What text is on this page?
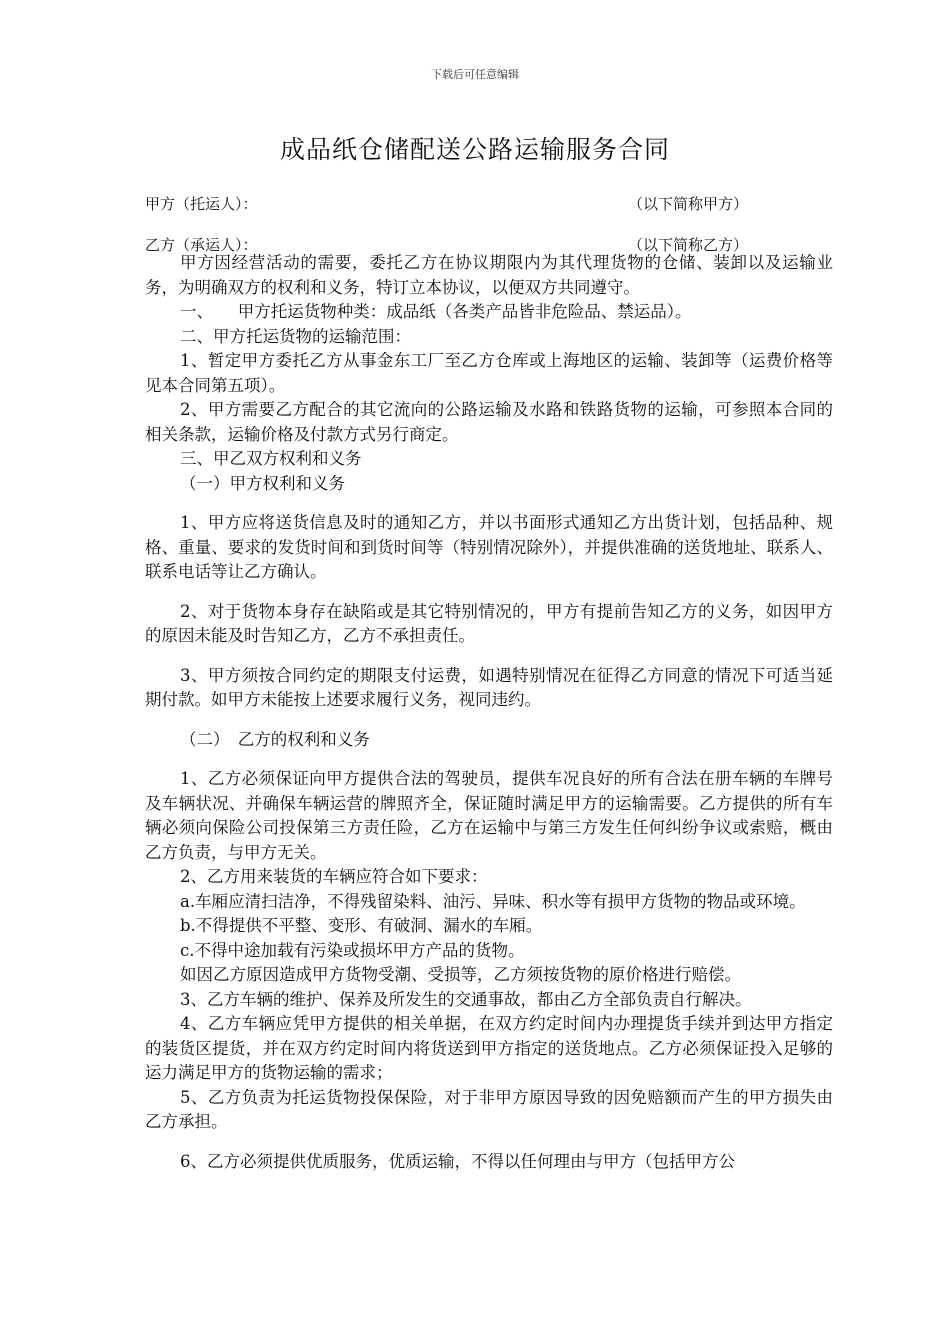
下载后可任意编辑
成品纸仓储配送公路运输服务合同
甲方（托运人）：	（以下简称甲方）
乙方（承运人）：	（以下简称乙方）

甲方因经营活动的需要，委托乙方在协议期限内为其代理货物的仓储、装卸以及运输业务，为明确双方的权利和义务，特订立本协议，以便双方共同遵守。

一、　　甲方托运货物种类：成品纸（各类产品皆非危险品、禁运品）。

二、甲方托运货物的运输范围：

1、暂定甲方委托乙方从事金东工厂至乙方仓库或上海地区的运输、装卸等（运费价格等见本合同第五项）。

2、甲方需要乙方配合的其它流向的公路运输及水路和铁路货物的运输，可参照本合同的相关条款，运输价格及付款方式另行商定。

三、甲乙双方权利和义务

（一）甲方权利和义务

1、甲方应将送货信息及时的通知乙方，并以书面形式通知乙方出货计划，包括品种、规格、重量、要求的发货时间和到货时间等（特别情况除外），并提供准确的送货地址、联系人、联系电话等让乙方确认。

2、对于货物本身存在缺陷或是其它特别情况的，甲方有提前告知乙方的义务，如因甲方的原因未能及时告知乙方，乙方不承担责任。

3、甲方须按合同约定的期限支付运费，如遇特别情况在征得乙方同意的情况下可适当延期付款。如甲方未能按上述要求履行义务，视同违约。

（二）　乙方的权利和义务

1、乙方必须保证向甲方提供合法的驾驶员，提供车况良好的所有合法在册车辆的车牌号及车辆状况、并确保车辆运营的牌照齐全，保证随时满足甲方的运输需要。乙方提供的所有车辆必须向保险公司投保第三方责任险，乙方在运输中与第三方发生任何纠纷争议或索赔，概由乙方负责，与甲方无关。

2、乙方用来装货的车辆应符合如下要求：

a.车厢应清扫洁净，不得残留染料、油污、异味、积水等有损甲方货物的物品或环境。

b.不得提供不平整、变形、有破洞、漏水的车厢。

c.不得中途加载有污染或损坏甲方产品的货物。

如因乙方原因造成甲方货物受潮、受损等，乙方须按货物的原价格进行赔偿。

3、乙方车辆的维护、保养及所发生的交通事故，都由乙方全部负责自行解决。

4、乙方车辆应凭甲方提供的相关单据，在双方约定时间内办理提货手续并到达甲方指定的装货区提货，并在双方约定时间内将货送到甲方指定的送货地点。乙方必须保证投入足够的运力满足甲方的货物运输的需求；

5、乙方负责为托运货物投保保险，对于非甲方原因导致的因免赔额而产生的甲方损失由乙方承担。

6、乙方必须提供优质服务，优质运输，不得以任何理由与甲方（包括甲方公
